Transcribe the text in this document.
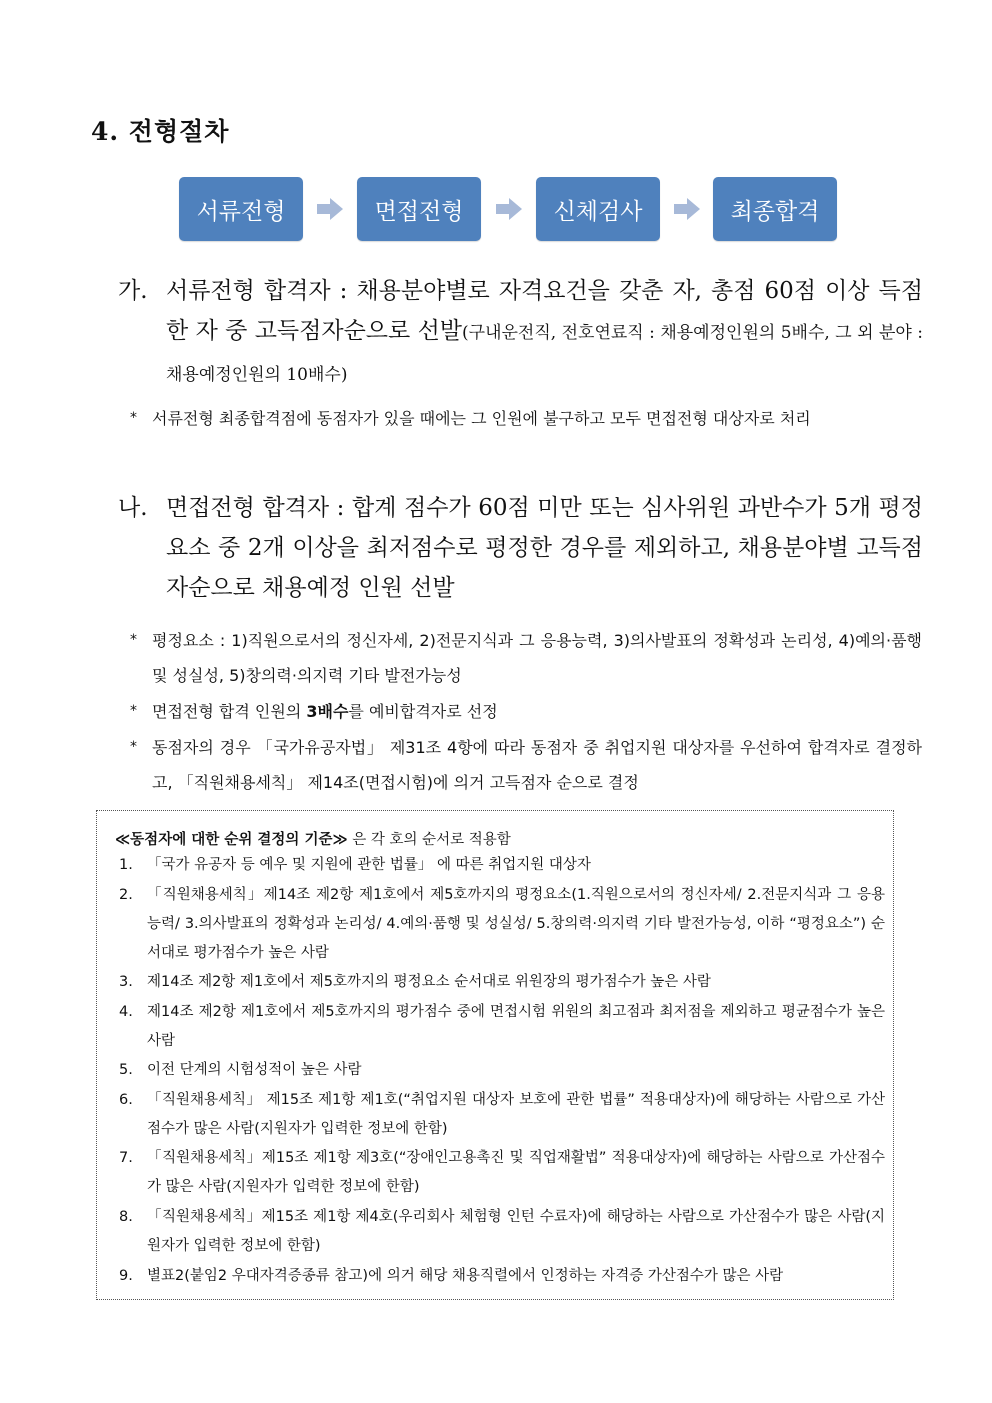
4. 전형절차
서류전형	면접전형	신체검사	최종합격
가. 서류전형 합격자 : 채용분야별로 자격요건을 갖춘 자, 총점 60점 이상 득점한 자 중 고득점자순으로 선발(구내운전직, 전호연료직 : 채용예정인원의 5배수, 그 외 분야 : 채용예정인원의 10배수)
* 서류전형 최종합격점에 동점자가 있을 때에는 그 인원에 불구하고 모두 면접전형 대상자로 처리
나. 면접전형 합격자 : 합계 점수가 60점 미만 또는 심사위원 과반수가 5개 평정요소 중 2개 이상을 최저점수로 평정한 경우를 제외하고, 채용분야별 고득점자순으로 채용예정 인원 선발
* 평정요소 : 1)직원으로서의 정신자세, 2)전문지식과 그 응용능력, 3)의사발표의 정확성과 논리성, 4)예의·품행 및 성실성, 5)창의력·의지력 기타 발전가능성
* 면접전형 합격 인원의 3배수를 예비합격자로 선정
* 동점자의 경우 「국가유공자법」 제31조 4항에 따라 동점자 중 취업지원 대상자를 우선하여 합격자로 결정하고, 「직원채용세칙」 제14조(면접시험)에 의거 고득점자 순으로 결정
≪동점자에 대한 순위 결정의 기준≫ 은 각 호의 순서로 적용함
1. 「국가 유공자 등 예우 및 지원에 관한 법률」 에 따른 취업지원 대상자
2. 「직원채용세칙」제14조 제2항 제1호에서 제5호까지의 평정요소(1.직원으로서의 정신자세/ 2.전문지식과 그 응용능력/ 3.의사발표의 정확성과 논리성/ 4.예의·품행 및 성실성/ 5.창의력·의지력 기타 발전가능성, 이하 “평정요소”) 순서대로 평가점수가 높은 사람
3. 제14조 제2항 제1호에서 제5호까지의 평정요소 순서대로 위원장의 평가점수가 높은 사람
4. 제14조 제2항 제1호에서 제5호까지의 평가점수 중에 면접시험 위원의 최고점과 최저점을 제외하고 평균점수가 높은 사람
5. 이전 단계의 시험성적이 높은 사람
6. 「직원채용세칙」 제15조 제1항 제1호(“취업지원 대상자 보호에 관한 법률” 적용대상자)에 해당하는 사람으로 가산점수가 많은 사람(지원자가 입력한 정보에 한함)
7. 「직원채용세칙」제15조 제1항 제3호(“장애인고용촉진 및 직업재활법” 적용대상자)에 해당하는 사람으로 가산점수가 많은 사람(지원자가 입력한 정보에 한함)
8. 「직원채용세칙」제15조 제1항 제4호(우리회사 체험형 인턴 수료자)에 해당하는 사람으로 가산점수가 많은 사람(지원자가 입력한 정보에 한함)
9. 별표2(붙임2 우대자격증종류 참고)에 의거 해당 채용직렬에서 인정하는 자격증 가산점수가 많은 사람
